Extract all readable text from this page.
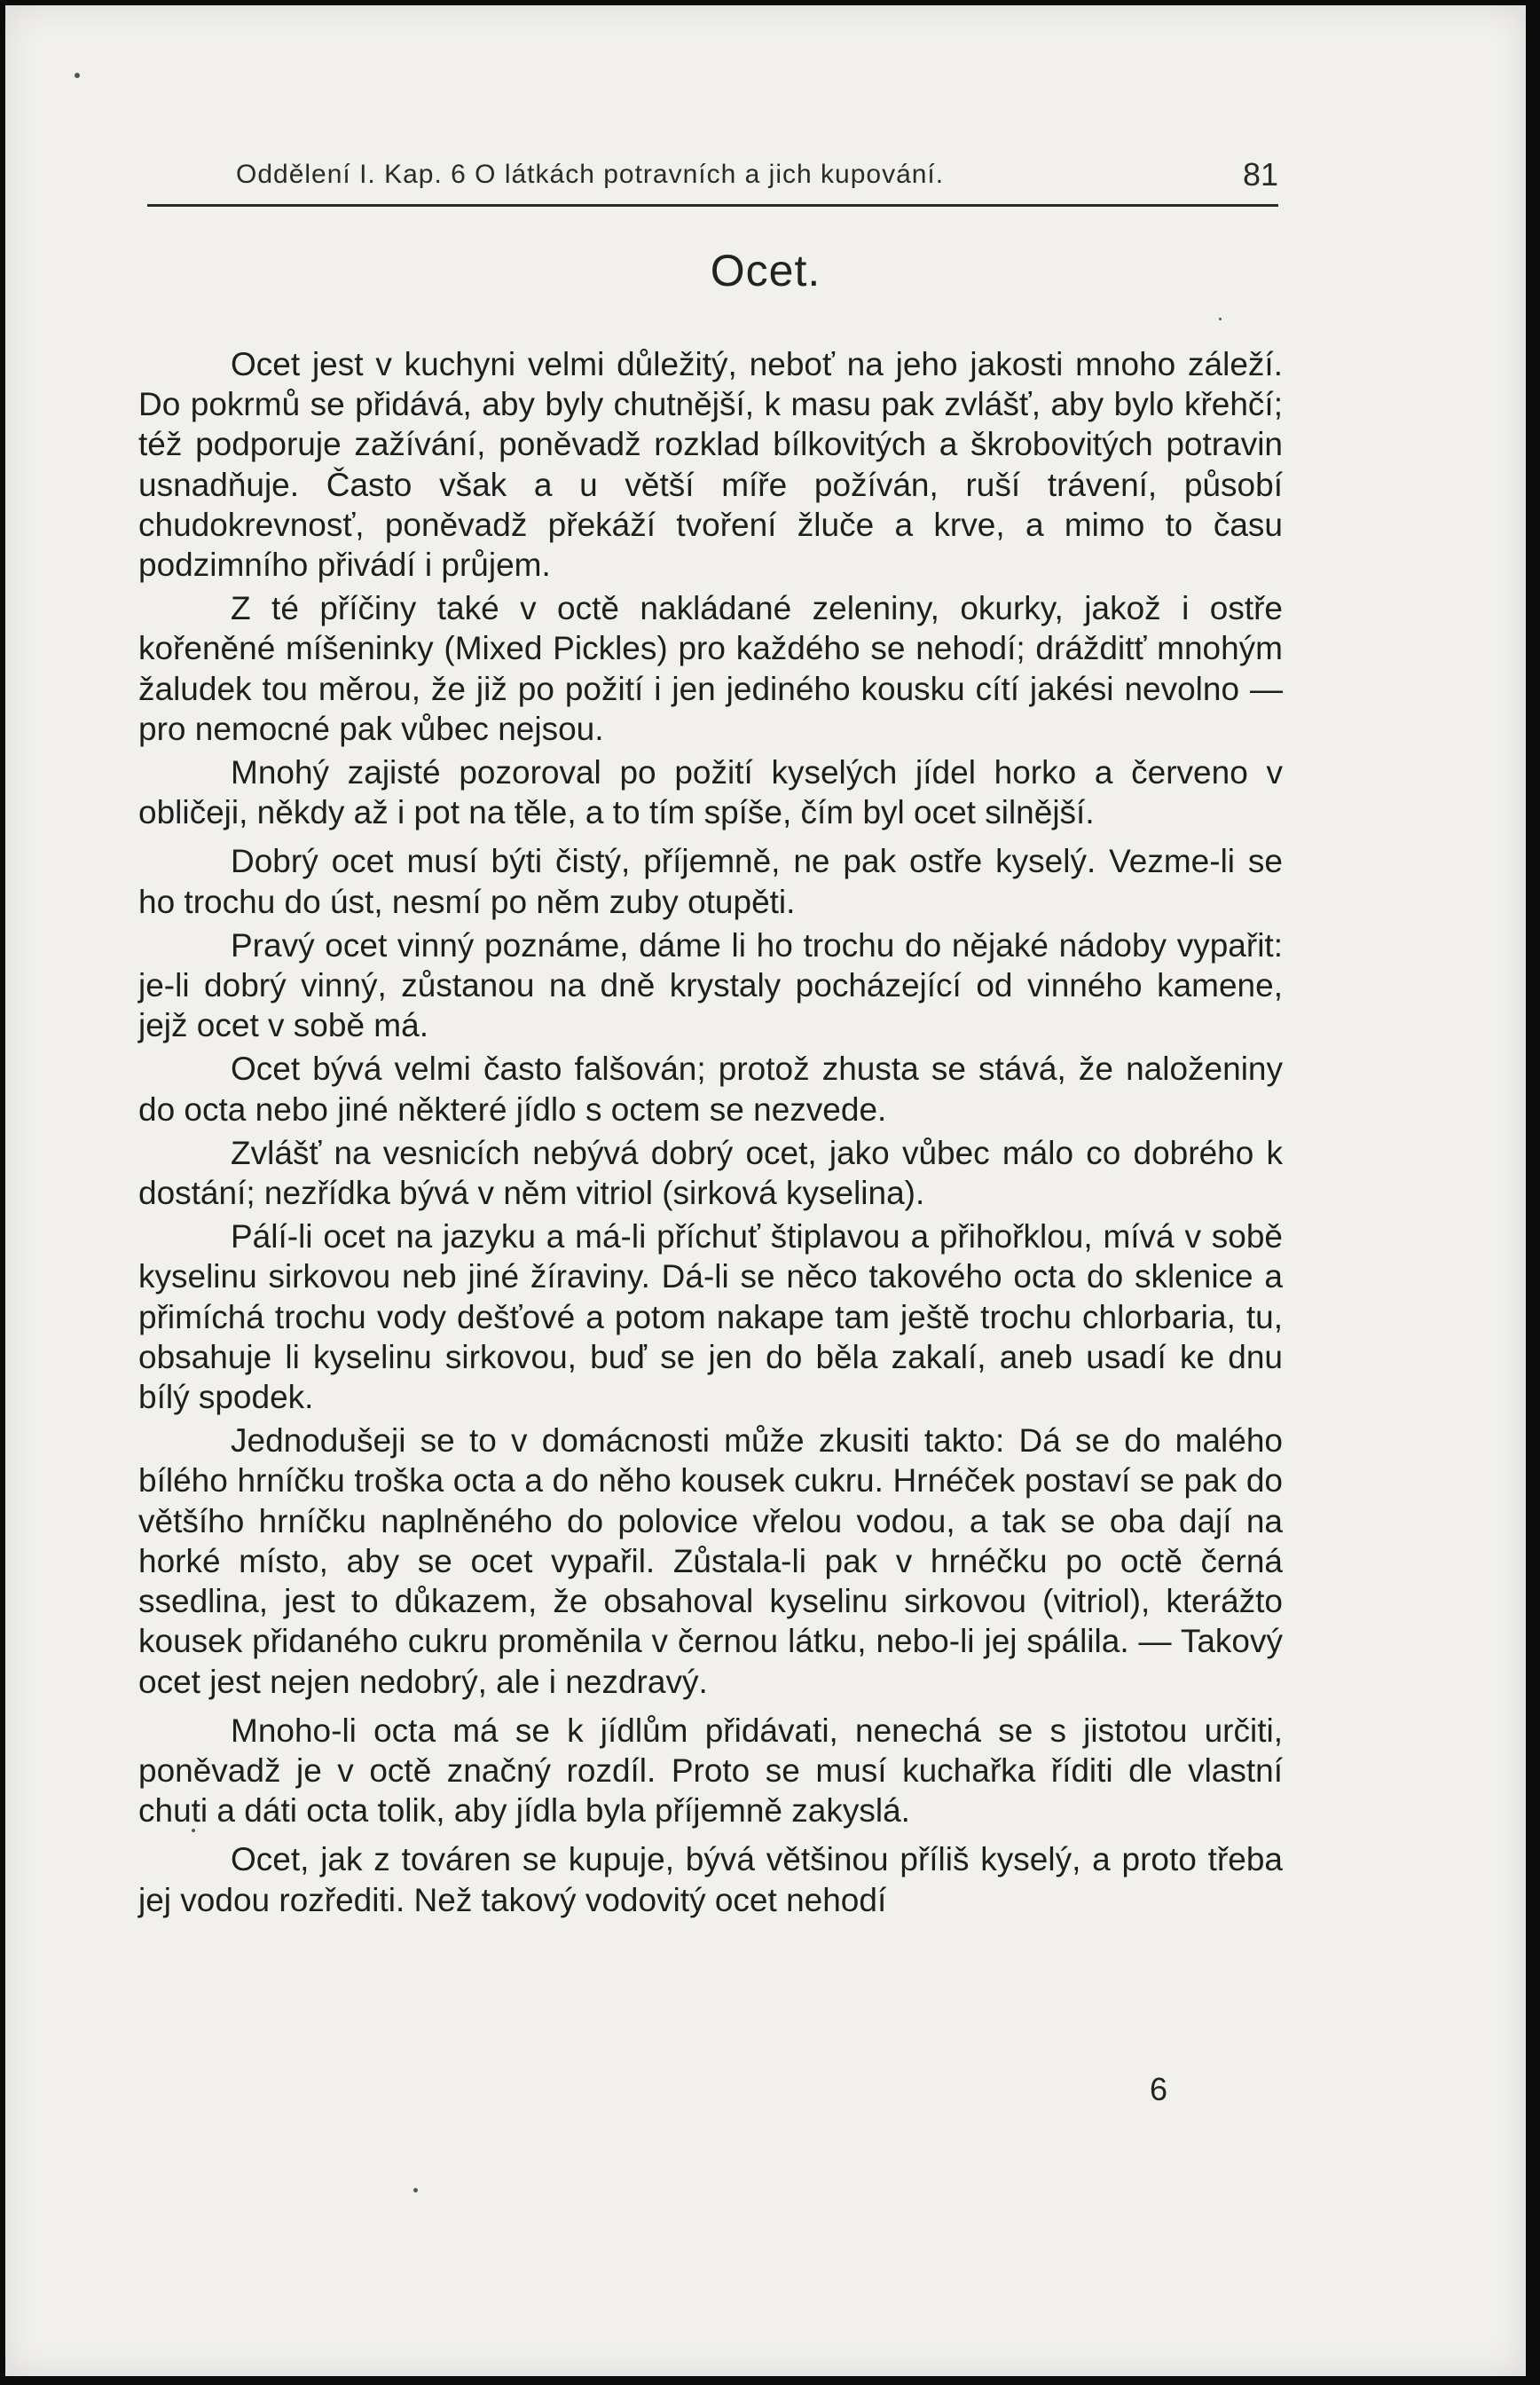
Oddělení I. Kap. 6 O látkách potravních a jich kupování.	81
Ocet.

Ocet jest v kuchyni velmi důležitý, neboť na jeho jakosti mnoho záleží. Do pokrmů se přidává, aby byly chutnější, k masu pak zvlášť, aby bylo křehčí; též podporuje zažívání, poněvadž rozklad bílkovitých a škrobovitých potravin usnadňuje. Často však a u větší míře požíván, ruší trávení, působí chudokrevnosť, poněvadž překáží tvoření žluče a krve, a mimo to času podzimního přivádí i průjem.

Z té příčiny také v octě nakládané zeleniny, okurky, jakož i ostře kořeněné míšeninky (Mixed Pickles) pro každého se nehodí; drážditť mnohým žaludek tou měrou, že již po požití i jen jediného kousku cítí jakési nevolno — pro nemocné pak vůbec nejsou.

Mnohý zajisté pozoroval po požití kyselých jídel horko a červeno v obličeji, někdy až i pot na těle, a to tím spíše, čím byl ocet silnější.

Dobrý ocet musí býti čistý, příjemně, ne pak ostře kyselý. Vezme-li se ho trochu do úst, nesmí po něm zuby otupěti.

Pravý ocet vinný poznáme, dáme li ho trochu do nějaké nádoby vypařit: je-li dobrý vinný, zůstanou na dně krystaly pocházející od vinného kamene, jejž ocet v sobě má.

Ocet bývá velmi často falšován; protož zhusta se stává, že naloženiny do octa nebo jiné některé jídlo s octem se nezvede.

Zvlášť na vesnicích nebývá dobrý ocet, jako vůbec málo co dobrého k dostání; nezřídka bývá v něm vitriol (sirková kyselina).

Pálí-li ocet na jazyku a má-li příchuť štiplavou a přihořklou, mívá v sobě kyselinu sirkovou neb jiné žíraviny. Dá-li se něco takového octa do sklenice a přimíchá trochu vody dešťové a potom nakape tam ještě trochu chlorbaria, tu, obsahuje li kyselinu sirkovou, buď se jen do běla zakalí, aneb usadí ke dnu bílý spodek.

Jednodušeji se to v domácnosti může zkusiti takto: Dá se do malého bílého hrníčku troška octa a do něho kousek cukru. Hrnéček postaví se pak do většího hrníčku naplněného do polovice vřelou vodou, a tak se oba dají na horké místo, aby se ocet vypařil. Zůstala-li pak v hrnéčku po octě černá ssedlina, jest to důkazem, že obsahoval kyselinu sirkovou (vitriol), kterážto kousek přidaného cukru proměnila v černou látku, nebo-li jej spálila. — Takový ocet jest nejen nedobrý, ale i nezdravý.

Mnoho-li octa má se k jídlům přidávati, nenechá se s jistotou určiti, poněvadž je v octě značný rozdíl. Proto se musí kuchařka říditi dle vlastní chuti a dáti octa tolik, aby jídla byla příjemně zakyslá.

Ocet, jak z továren se kupuje, bývá většinou příliš kyselý, a proto třeba jej vodou rozřediti. Než takový vodovitý ocet nehodí

6
